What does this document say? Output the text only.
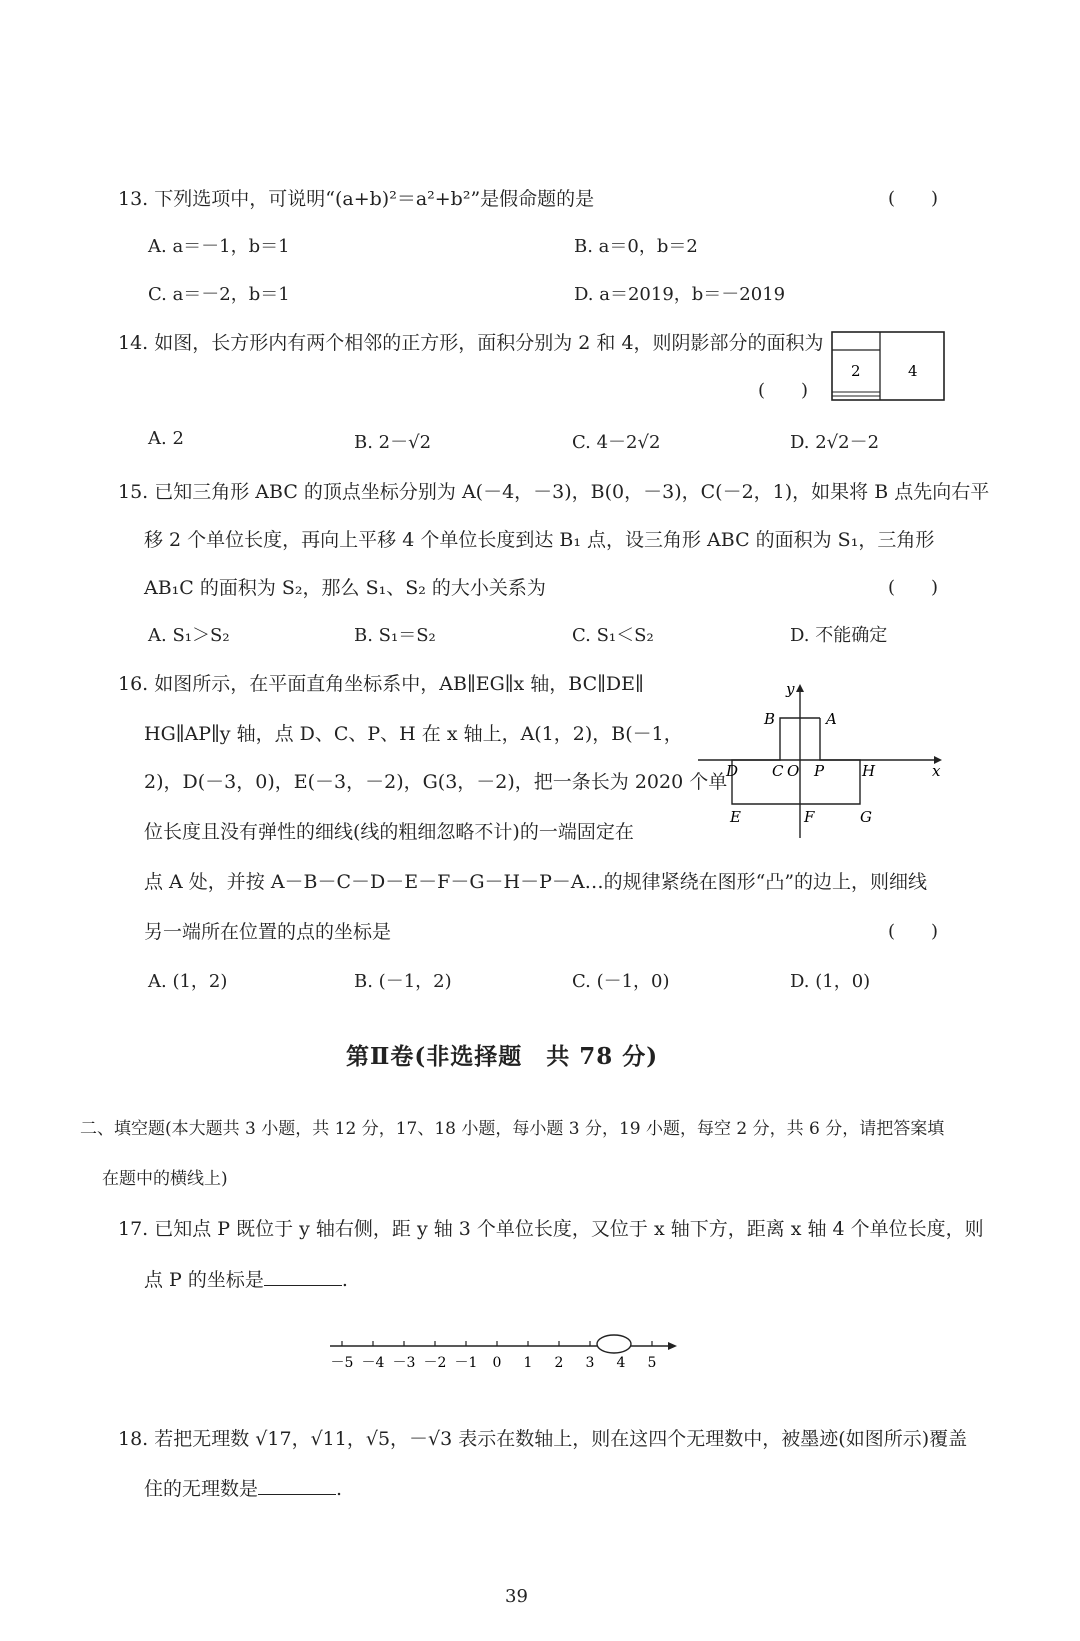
13. 下列选项中，可说明“(a+b)²＝a²+b²”是假命题的是	(　　)
A. a＝－1，b＝1	B. a＝0，b＝2
C. a＝－2，b＝1	D. a＝2019，b＝－2019
14. 如图，长方形内有两个相邻的正方形，面积分别为 2 和 4，则阴影部分的面积为
(　　)
2	4
A. 2	B. 2－√2	C. 4－2√2	D. 2√2－2
15. 已知三角形 ABC 的顶点坐标分别为 A(－4，－3)，B(0，－3)，C(－2，1)，如果将 B 点先向右平
移 2 个单位长度，再向上平移 4 个单位长度到达 B₁ 点，设三角形 ABC 的面积为 S₁，三角形
AB₁C 的面积为 S₂，那么 S₁、S₂ 的大小关系为	(　　)
A. S₁＞S₂	B. S₁＝S₂	C. S₁＜S₂	D. 不能确定
16. 如图所示，在平面直角坐标系中，AB∥EG∥x 轴，BC∥DE∥
HG∥AP∥y 轴，点 D、C、P、H 在 x 轴上，A(1，2)，B(－1，
2)，D(－3，0)，E(－3，－2)，G(3，－2)，把一条长为 2020 个单
位长度且没有弹性的细线(线的粗细忽略不计)的一端固定在
点 A 处，并按 A－B－C－D－E－F－G－H－P－A…的规律紧绕在图形“凸”的边上，则细线
另一端所在位置的点的坐标是	(　　)
y
x
B	A
D C O P	H
E	F	G
A. (1，2)	B. (－1，2)	C. (－1，0)	D. (1，0)
第Ⅱ卷(非选择题　共 78 分)
二、填空题(本大题共 3 小题，共 12 分，17、18 小题，每小题 3 分，19 小题，每空 2 分，共 6 分，请把答案填
在题中的横线上)
17. 已知点 P 既位于 y 轴右侧，距 y 轴 3 个单位长度，又位于 x 轴下方，距离 x 轴 4 个单位长度，则
点 P 的坐标是	.
－5 －4 －3 －2 －1 0 1 2 3 4 5
18. 若把无理数 √17，√11，√5，－√3 表示在数轴上，则在这四个无理数中，被墨迹(如图所示)覆盖
住的无理数是	.
39
